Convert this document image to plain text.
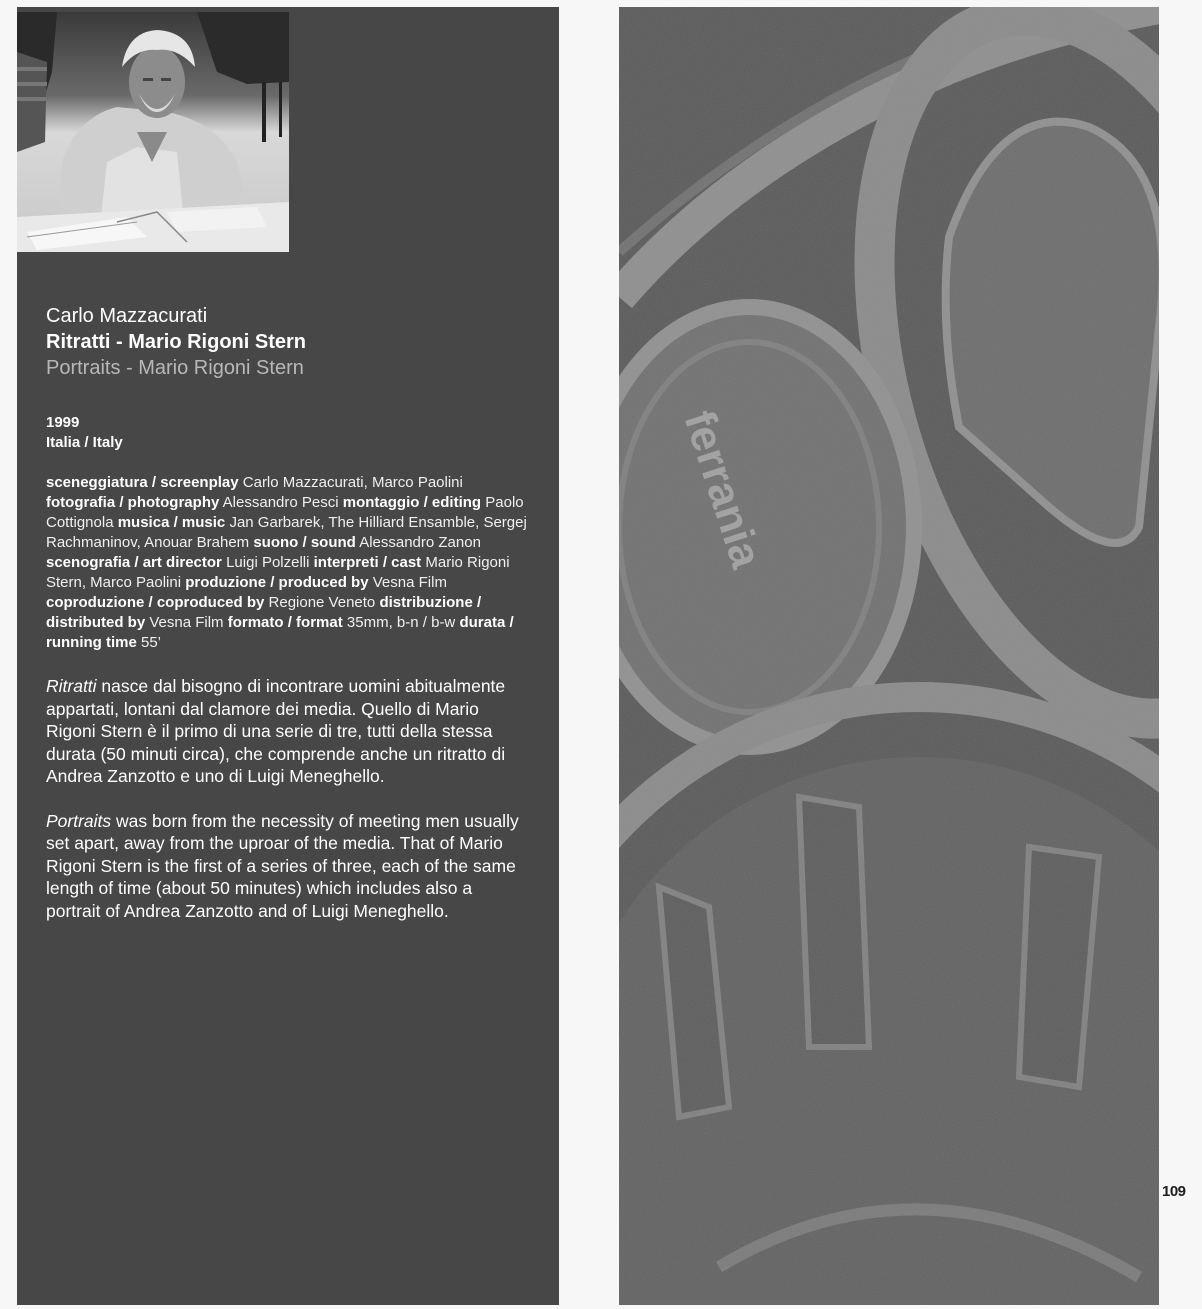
Carlo Mazzacurati

Ritratti - Mario Rigoni Stern

Portraits - Mario Rigoni Stern

1999
Italia / Italy
sceneggiatura / screenplay Carlo Mazzacurati, Marco Paolini fotografia / photography Alessandro Pesci montaggio / editing Paolo Cottignola musica / music Jan Garbarek, The Hilliard Ensamble, Sergej Rachmaninov, Anouar Brahem suono / sound Alessandro Zanon scenografia / art director Luigi Polzelli interpreti / cast Mario Rigoni Stern, Marco Paolini produzione / produced by Vesna Film coproduzione / coproduced by Regione Veneto distribuzione / distributed by Vesna Film formato / format 35mm, b-n / b-w durata / running time 55’
Ritratti nasce dal bisogno di incontrare uomini abitualmente appartati, lontani dal clamore dei media. Quello di Mario Rigoni Stern è il primo di una serie di tre, tutti della stessa durata (50 minuti circa), che comprende anche un ritratto di Andrea Zanzotto e uno di Luigi Meneghello.
Portraits was born from the necessity of meeting men usually set apart, away from the uproar of the media. That of Mario Rigoni Stern is the first of a series of three, each of the same length of time (about 50 minutes) which includes also a portrait of Andrea Zanzotto and of Luigi Meneghello.
109
